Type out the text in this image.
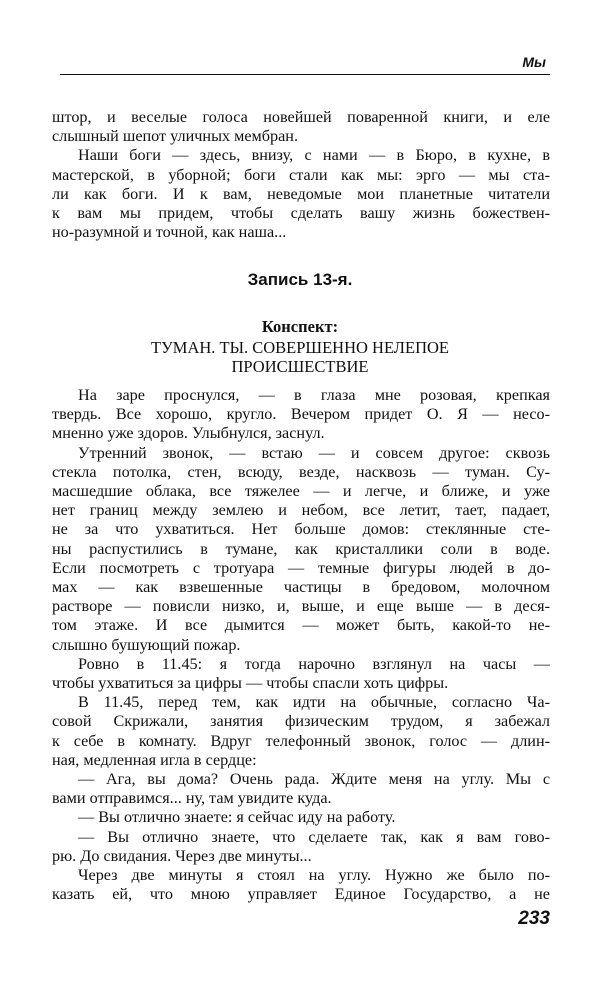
Мы
штор, и веселые голоса новейшей поваренной книги, и еле
слышный шепот уличных мембран.
Наши боги — здесь, внизу, с нами — в Бюро, в кухне, в
мастерской, в уборной; боги стали как мы: эрго — мы ста-
ли как боги. И к вам, неведомые мои планетные читатели
к вам мы придем, чтобы сделать вашу жизнь божествен-
но-разумной и точной, как наша...
Запись 13-я.
Конспект:
ТУМАН. ТЫ. СОВЕРШЕННО НЕЛЕПОЕ
ПРОИСШЕСТВИЕ
На заре проснулся, — в глаза мне розовая, крепкая
твердь. Все хорошо, кругло. Вечером придет О. Я — несо-
мненно уже здоров. Улыбнулся, заснул.
Утренний звонок, — встаю — и совсем другое: сквозь
стекла потолка, стен, всюду, везде, насквозь — туман. Су-
масшедшие облака, все тяжелее — и легче, и ближе, и уже
нет границ между землею и небом, все летит, тает, падает,
не за что ухватиться. Нет больше домов: стеклянные сте-
ны распустились в тумане, как кристаллики соли в воде.
Если посмотреть с тротуара — темные фигуры людей в до-
мах — как взвешенные частицы в бредовом, молочном
растворе — повисли низко, и, выше, и еще выше — в деся-
том этаже. И все дымится — может быть, какой-то не-
слышно бушующий пожар.
Ровно в 11.45: я тогда нарочно взглянул на часы —
чтобы ухватиться за цифры — чтобы спасли хоть цифры.
В 11.45, перед тем, как идти на обычные, согласно Ча-
совой Скрижали, занятия физическим трудом, я забежал
к себе в комнату. Вдруг телефонный звонок, голос — длин-
ная, медленная игла в сердце:
— Ага, вы дома? Очень рада. Ждите меня на углу. Мы с
вами отправимся... ну, там увидите куда.
— Вы отлично знаете: я сейчас иду на работу.
— Вы отлично знаете, что сделаете так, как я вам гово-
рю. До свидания. Через две минуты...
Через две минуты я стоял на углу. Нужно же было по-
казать ей, что мною управляет Единое Государство, а не
233
